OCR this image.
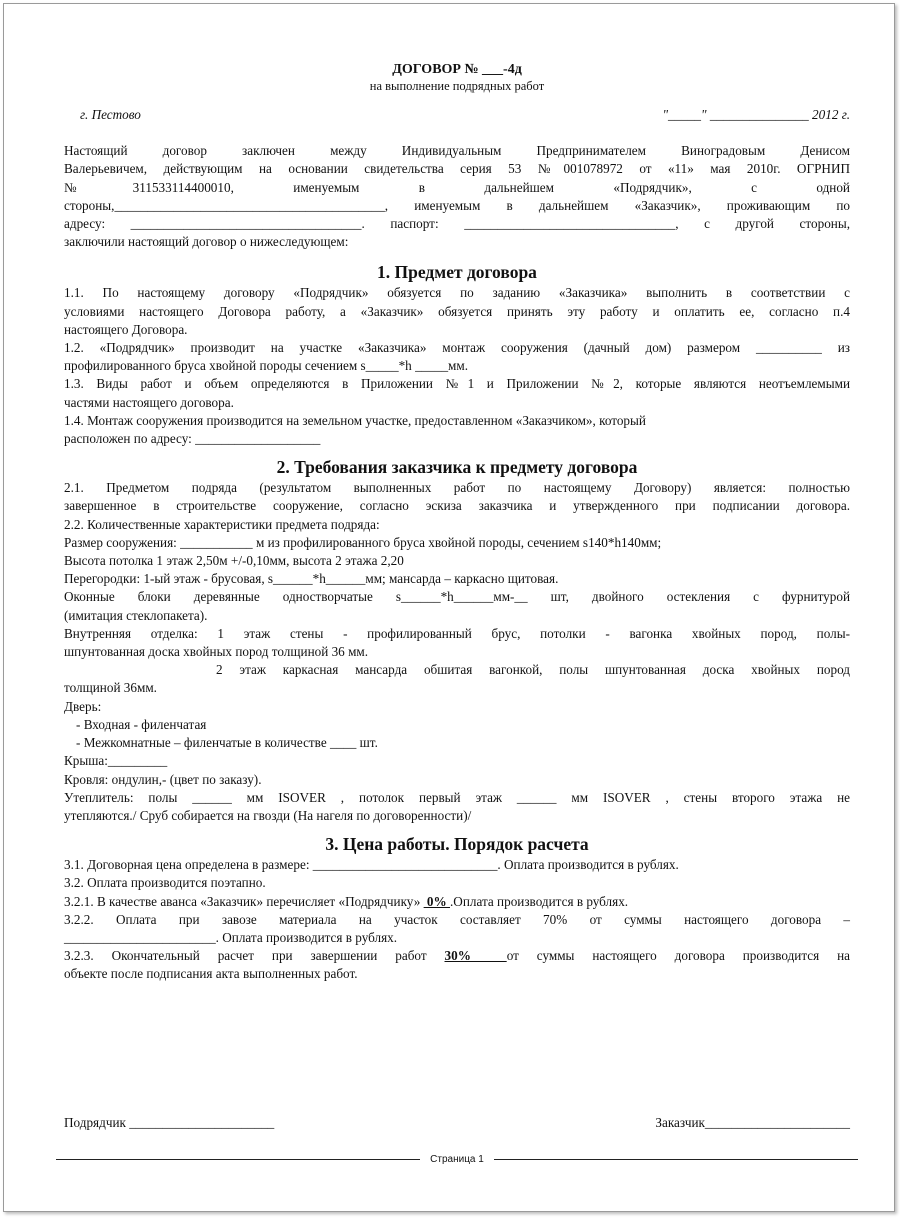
ДОГОВОР № ___-4д
на выполнение подрядных работ
г. Пестово	"_____" _______________ 2012 г.

Настоящий договор заключен между Индивидуальным Предпринимателем Виноградовым Денисом

Валерьевичем, действующим на основании свидетельства серия 53 №001078972 от «11» мая 2010г. ОГРНИП

№311533114400010, именуемым в дальнейшем «Подрядчик», с одной

стороны,_________________________________________, именуемым в дальнейшем «Заказчик», проживающим по

адресу: ___________________________________. паспорт: ________________________________, с другой стороны,

заключили настоящий договор о нижеследующем:

1. Предмет договора

1.1. По настоящему договору «Подрядчик» обязуется по заданию «Заказчика» выполнить в соответствии с

условиями настоящего Договора работу, а «Заказчик» обязуется принять эту работу и оплатить ее, согласно п.4

настоящего Договора.

1.2. «Подрядчик» производит на участке «Заказчика» монтаж сооружения (дачный дом) размером __________ из

профилированного бруса хвойной породы сечением s_____*h _____мм.

1.3. Виды работ и объем определяются в Приложении №1 и Приложении №2, которые являются неотъемлемыми

частями настоящего договора.

1.4. Монтаж сооружения производится на земельном участке, предоставленном «Заказчиком», который

расположен по адресу: ___________________

2. Требования заказчика к предмету договора

2.1. Предметом подряда (результатом выполненных работ по настоящему Договору) является: полностью

завершенное в строительстве сооружение, согласно эскиза заказчика и утвержденного при подписании договора.

2.2. Количественные характеристики предмета подряда:

Размер сооружения: ___________ м из профилированного бруса хвойной породы, сечением s140*h140мм;

Высота потолка 1 этаж 2,50м +/-0,10мм, высота 2 этажа 2,20

Перегородки: 1-ый этаж - брусовая, s______*h______мм; мансарда – каркасно щитовая.

Оконные блоки деревянные одностворчатые s______*h______мм-__ шт, двойного остекления с фурнитурой

(имитация стеклопакета).

Внутренняя отделка: 1 этаж стены - профилированный брус, потолки - вагонка хвойных пород, полы-

шпунтованная доска хвойных пород толщиной 36 мм.

2 этаж каркасная мансарда обшитая вагонкой, полы шпунтованная доска хвойных пород

толщиной 36мм.

Дверь:

- Входная - филенчатая

- Межкомнатные – филенчатые в количестве ____ шт.

Крыша:_________

Кровля: ондулин,- (цвет по заказу).

Утеплитель: полы ______ мм ISOVER , потолок первый этаж ______ мм ISOVER , стены второго этажа не

утепляются./ Сруб собирается на гвозди (На нагеля по договоренности)/

3. Цена работы. Порядок расчета

3.1. Договорная цена определена в размере: ____________________________. Оплата производится в рублях.

3.2. Оплата производится поэтапно.

3.2.1. В качестве аванса «Заказчик» перечисляет «Подрядчику»  0% .Оплата производится в рублях.

3.2.2. Оплата при завозе материала на участок составляет 70% от суммы настоящего договора –

_______________________. Оплата производится в рублях.

3.2.3. Окончательный расчет при завершении работ 30%  от суммы настоящего договора производится на

объекте после подписания акта выполненных работ.

Подрядчик ______________________	Заказчик______________________
Страница 1
